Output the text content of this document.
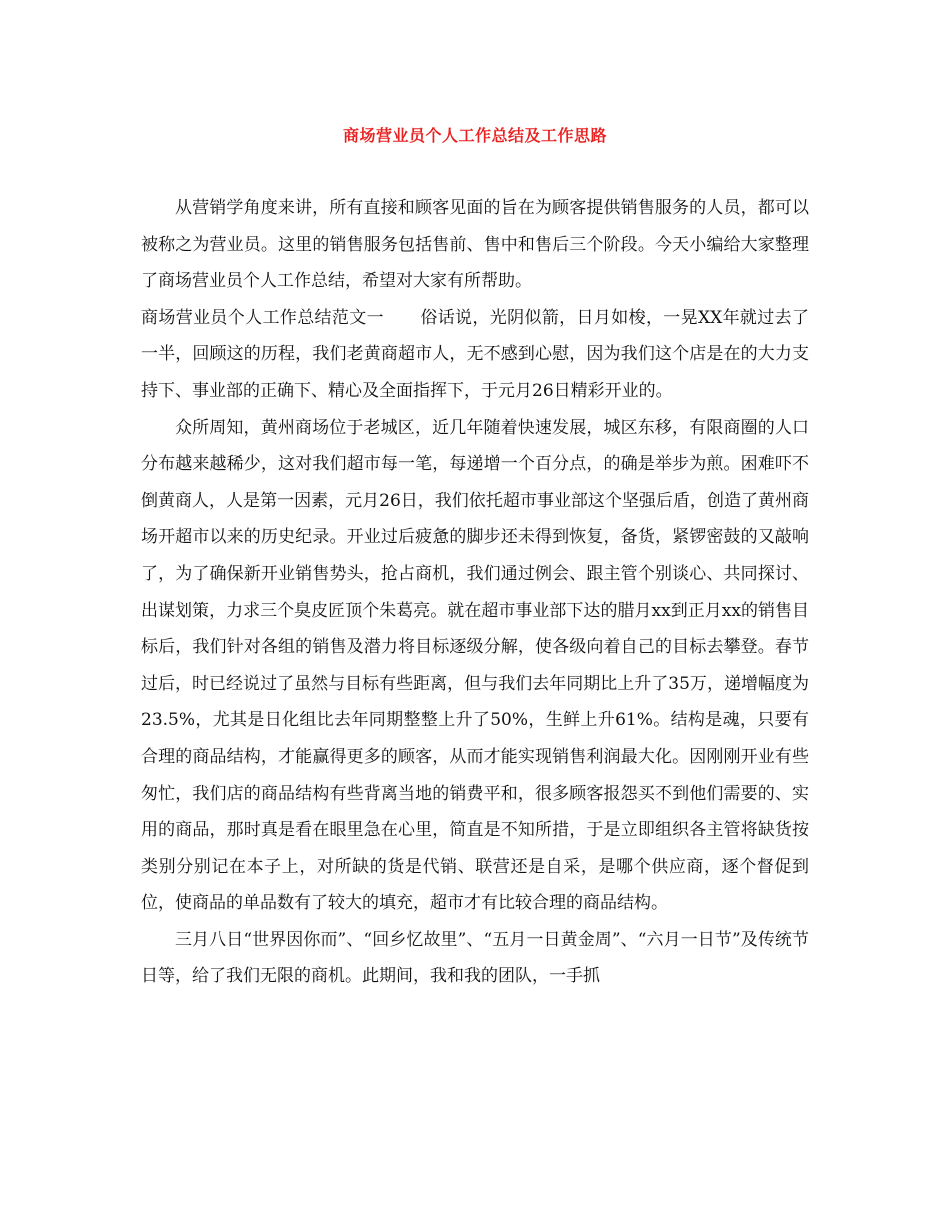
商场营业员个人工作总结及工作思路

从营销学角度来讲，所有直接和顾客见面的旨在为顾客提供销售服务的人员，都可以被称之为营业员。这里的销售服务包括售前、售中和售后三个阶段。今天小编给大家整理了商场营业员个人工作总结，希望对大家有所帮助。

商场营业员个人工作总结范文一 俗话说，光阴似箭，日月如梭，一晃XX年就过去了一半，回顾这的历程，我们老黄商超市人，无不感到心慰，因为我们这个店是在的大力支持下、事业部的正确下、精心及全面指挥下，于元月26日精彩开业的。

众所周知，黄州商场位于老城区，近几年随着快速发展，城区东移，有限商圈的人口分布越来越稀少，这对我们超市每一笔，每递增一个百分点，的确是举步为煎。困难吓不倒黄商人，人是第一因素，元月26日，我们依托超市事业部这个坚强后盾，创造了黄州商场开超市以来的历史纪录。开业过后疲惫的脚步还未得到恢复，备货，紧锣密鼓的又敲响了，为了确保新开业销售势头，抢占商机，我们通过例会、跟主管个别谈心、共同探讨、出谋划策，力求三个臭皮匠顶个朱葛亮。就在超市事业部下达的腊月xx到正月xx的销售目标后，我们针对各组的销售及潜力将目标逐级分解，使各级向着自己的目标去攀登。春节过后，时已经说过了虽然与目标有些距离，但与我们去年同期比上升了35万，递增幅度为23.5%，尤其是日化组比去年同期整整上升了50%，生鲜上升61%。结构是魂，只要有合理的商品结构，才能赢得更多的顾客，从而才能实现销售利润最大化。因刚刚开业有些匆忙，我们店的商品结构有些背离当地的销费平和，很多顾客报怨买不到他们需要的、实用的商品，那时真是看在眼里急在心里，简直是不知所措，于是立即组织各主管将缺货按类别分别记在本子上，对所缺的货是代销、联营还是自采，是哪个供应商，逐个督促到位，使商品的单品数有了较大的填充，超市才有比较合理的商品结构。

三月八日“世界因你而”、“回乡忆故里”、“五月一日黄金周”、“六月一日节”及传统节日等，给了我们无限的商机。此期间，我和我的团队，一手抓
